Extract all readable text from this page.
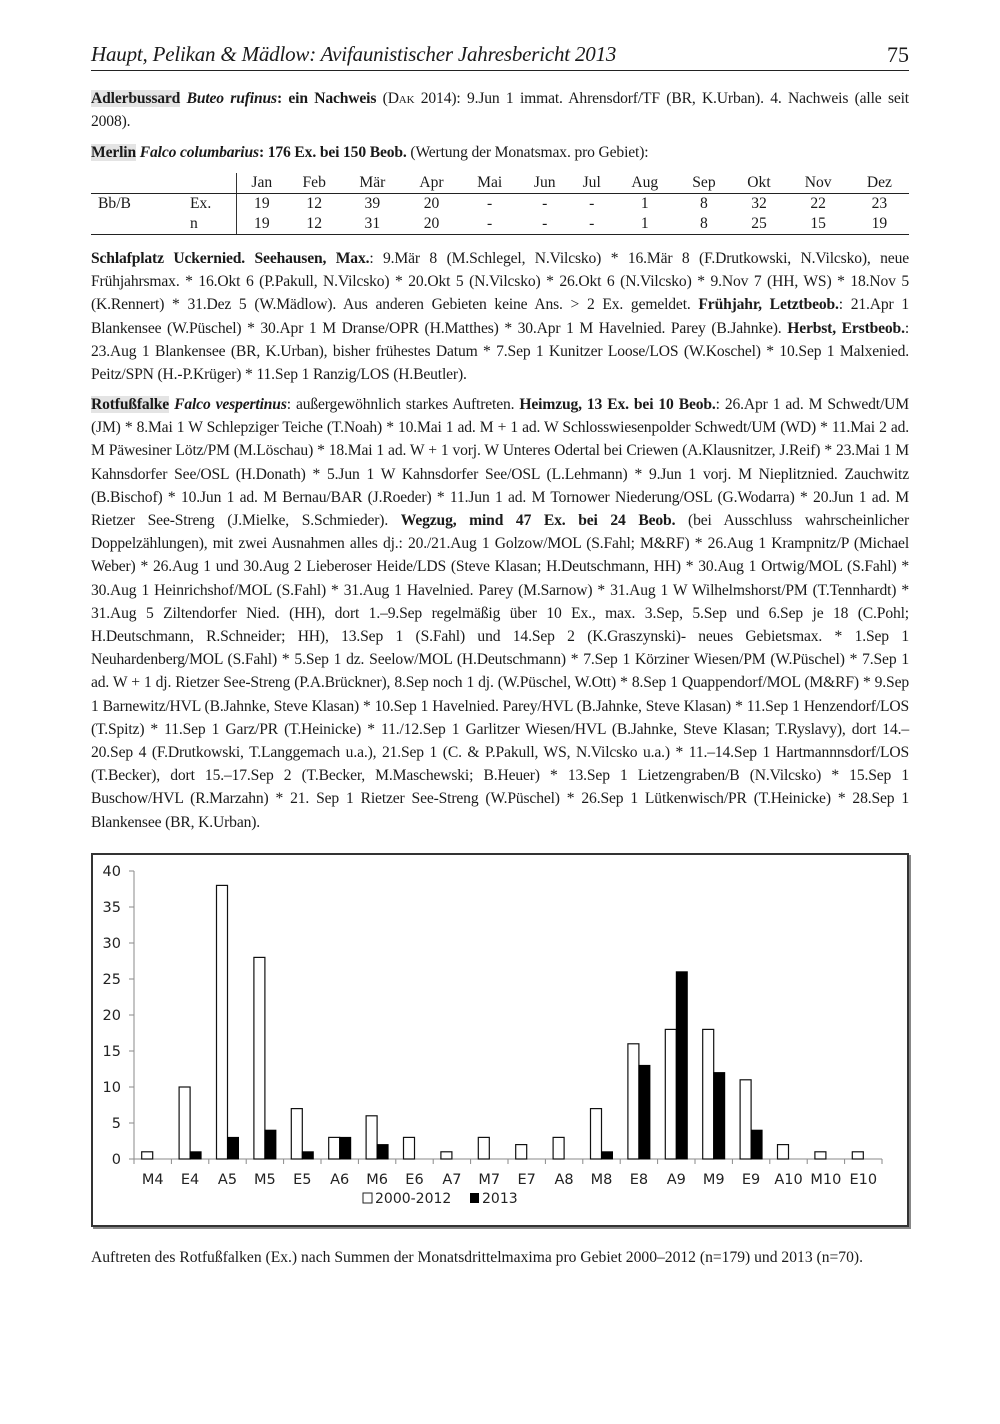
Haupt, Pelikan & Mädlow: Avifaunistischer Jahresbericht 2013	75
Adlerbussard Buteo rufinus: ein Nachweis (Dak 2014): 9.Jun 1 immat. Ahrensdorf/TF (BR, K.Urban). 4. Nachweis (alle seit 2008).
Merlin Falco columbarius: 176 Ex. bei 150 Beob. (Wertung der Monatsmax. pro Gebiet):
		Jan	Feb	Mär	Apr	Mai	Jun	Jul	Aug	Sep	Okt	Nov	Dez
Bb/B	Ex.	19	12	39	20	-	-	-	1	8	32	22	23
	n	19	12	31	20	-	-	-	1	8	25	15	19
Schlafplatz Uckernied. Seehausen, Max.: 9.Mär 8 (M.Schlegel, N.Vilcsko) * 16.Mär 8 (F.Drutkowski, N.Vilcsko), neue Frühjahrsmax. * 16.Okt 6 (P.Pakull, N.Vilcsko) * 20.Okt 5 (N.Vilcsko) * 26.Okt 6 (N.Vilcsko) * 9.Nov 7 (HH, WS) * 18.Nov 5 (K.Rennert) * 31.Dez 5 (W.Mädlow). Aus anderen Gebieten keine Ans. > 2 Ex. gemeldet. Frühjahr, Letztbeob.: 21.Apr 1 Blankensee (W.Püschel) * 30.Apr 1 M Dranse/OPR (H.Matthes) * 30.Apr 1 M Havelnied. Parey (B.Jahnke). Herbst, Erstbeob.: 23.Aug 1 Blankensee (BR, K.Urban), bisher frühestes Datum * 7.Sep 1 Kunitzer Loose/LOS (W.Koschel) * 10.Sep 1 Malxenied. Peitz/SPN (H.-P.Krüger) * 11.Sep 1 Ranzig/LOS (H.Beutler).
Rotfußfalke Falco vespertinus: außergewöhnlich starkes Auftreten. Heimzug, 13 Ex. bei 10 Beob.: 26.Apr 1 ad. M Schwedt/UM (JM) * 8.Mai 1 W Schlepziger Teiche (T.Noah) * 10.Mai 1 ad. M + 1 ad. W Schlosswiesenpolder Schwedt/UM (WD) * 11.Mai 2 ad. M Päwesiner Lötz/PM (M.Löschau) * 18.Mai 1 ad. W + 1 vorj. W Unteres Odertal bei Criewen (A.Klausnitzer, J.Reif) * 23.Mai 1 M Kahnsdorfer See/OSL (H.Donath) * 5.Jun 1 W Kahnsdorfer See/OSL (L.Lehmann) * 9.Jun 1 vorj. M Nieplitznied. Zauchwitz (B.Bischof) * 10.Jun 1 ad. M Bernau/BAR (J.Roeder) * 11.Jun 1 ad. M Tornower Niederung/OSL (G.Wodarra) * 20.Jun 1 ad. M Rietzer See-Streng (J.Mielke, S.Schmieder). Wegzug, mind 47 Ex. bei 24 Beob. (bei Ausschluss wahrscheinlicher Doppelzählungen), mit zwei Ausnahmen alles dj.: 20./21.Aug 1 Golzow/MOL (S.Fahl; M&RF) * 26.Aug 1 Krampnitz/P (Michael Weber) * 26.Aug 1 und 30.Aug 2 Lieberoser Heide/LDS (Steve Klasan; H.Deutschmann, HH) * 30.Aug 1 Ortwig/MOL (S.Fahl) * 30.Aug 1 Heinrichshof/MOL (S.Fahl) * 31.Aug 1 Havelnied. Parey (M.Sarnow) * 31.Aug 1 W Wilhelmshorst/PM (T.Tennhardt) * 31.Aug 5 Ziltendorfer Nied. (HH), dort 1.–9.Sep regelmäßig über 10 Ex., max. 3.Sep, 5.Sep und 6.Sep je 18 (C.Pohl; H.Deutschmann, R.Schneider; HH), 13.Sep 1 (S.Fahl) und 14.Sep 2 (K.Graszynski)- neues Gebietsmax. * 1.Sep 1 Neuhardenberg/MOL (S.Fahl) * 5.Sep 1 dz. Seelow/MOL (H.Deutschmann) * 7.Sep 1 Körziner Wiesen/PM (W.Püschel) * 7.Sep 1 ad. W + 1 dj. Rietzer See-Streng (P.A.Brückner), 8.Sep noch 1 dj. (W.Püschel, W.Ott) * 8.Sep 1 Quappendorf/MOL (M&RF) * 9.Sep 1 Barnewitz/HVL (B.Jahnke, Steve Klasan) * 10.Sep 1 Havelnied. Parey/HVL (B.Jahnke, Steve Klasan) * 11.Sep 1 Henzendorf/LOS (T.Spitz) * 11.Sep 1 Garz/PR (T.Heinicke) * 11./12.Sep 1 Garlitzer Wiesen/HVL (B.Jahnke, Steve Klasan; T.Ryslavy), dort 14.–20.Sep 4 (F.Drutkowski, T.Langgemach u.a.), 21.Sep 1 (C. & P.Pakull, WS, N.Vilcsko u.a.) * 11.–14.Sep 1 Hartmannnsdorf/LOS (T.Becker), dort 15.–17.Sep 2 (T.Becker, M.Maschewski; B.Heuer) * 13.Sep 1 Lietzengraben/B (N.Vilcsko) * 15.Sep 1 Buschow/HVL (R.Marzahn) * 21. Sep 1 Rietzer See-Streng (W.Püschel) * 26.Sep 1 Lütkenwisch/PR (T.Heinicke) * 28.Sep 1 Blankensee (BR, K.Urban).
0
5
10
15
20
25
30
35
40
M4 E4 A5 M5 E5 A6 M6 E6 A7 M7 E7 A8 M8 E8 A9 M9 E9 A10 M10 E10
2000-2012 2013
Auftreten des Rotfußfalken (Ex.) nach Summen der Monatsdrittelmaxima pro Gebiet 2000–2012 (n=179) und 2013 (n=70).
